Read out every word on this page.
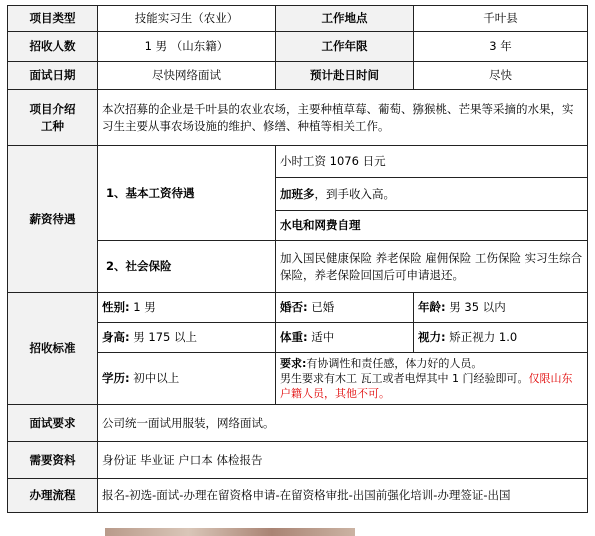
项目类型	技能实习生（农业）	工作地点	千叶县
招收人数	1 男 （山东籍）	工作年限	3 年
面试日期	尽快网络面试	预计赴日时间	尽快
项目介绍
工种	本次招募的企业是千叶县的农业农场，主要种植草莓、葡萄、猕猴桃、芒果等采摘的水果，实习生主要从事农场设施的维护、修缮、种植等相关工作。		
薪资待遇	1、基本工资待遇	小时工资 1076 日元	
		加班多，到手收入高。	
		水电和网费自理	
	2、社会保险	加入国民健康保险 养老保险 雇佣保险 工伤保险 实习生综合保险，养老保险回国后可申请退还。	
招收标准	性别: 1 男	婚否: 已婚	年龄: 男 35 以内
	身高: 男 175 以上	体重: 适中	视力: 矫正视力 1.0
	学历: 初中以上	要求:有协调性和责任感，体力好的人员。
男生要求有木工 瓦工或者电焊其中 1 门经验即可。仅限山东户籍人员，其他不可。	
面试要求	公司统一面试用服装，网络面试。		
需要资料	身份证 毕业证 户口本 体检报告		
办理流程	报名-初选-面试-办理在留资格申请-在留资格审批-出国前强化培训-办理签证-出国		
